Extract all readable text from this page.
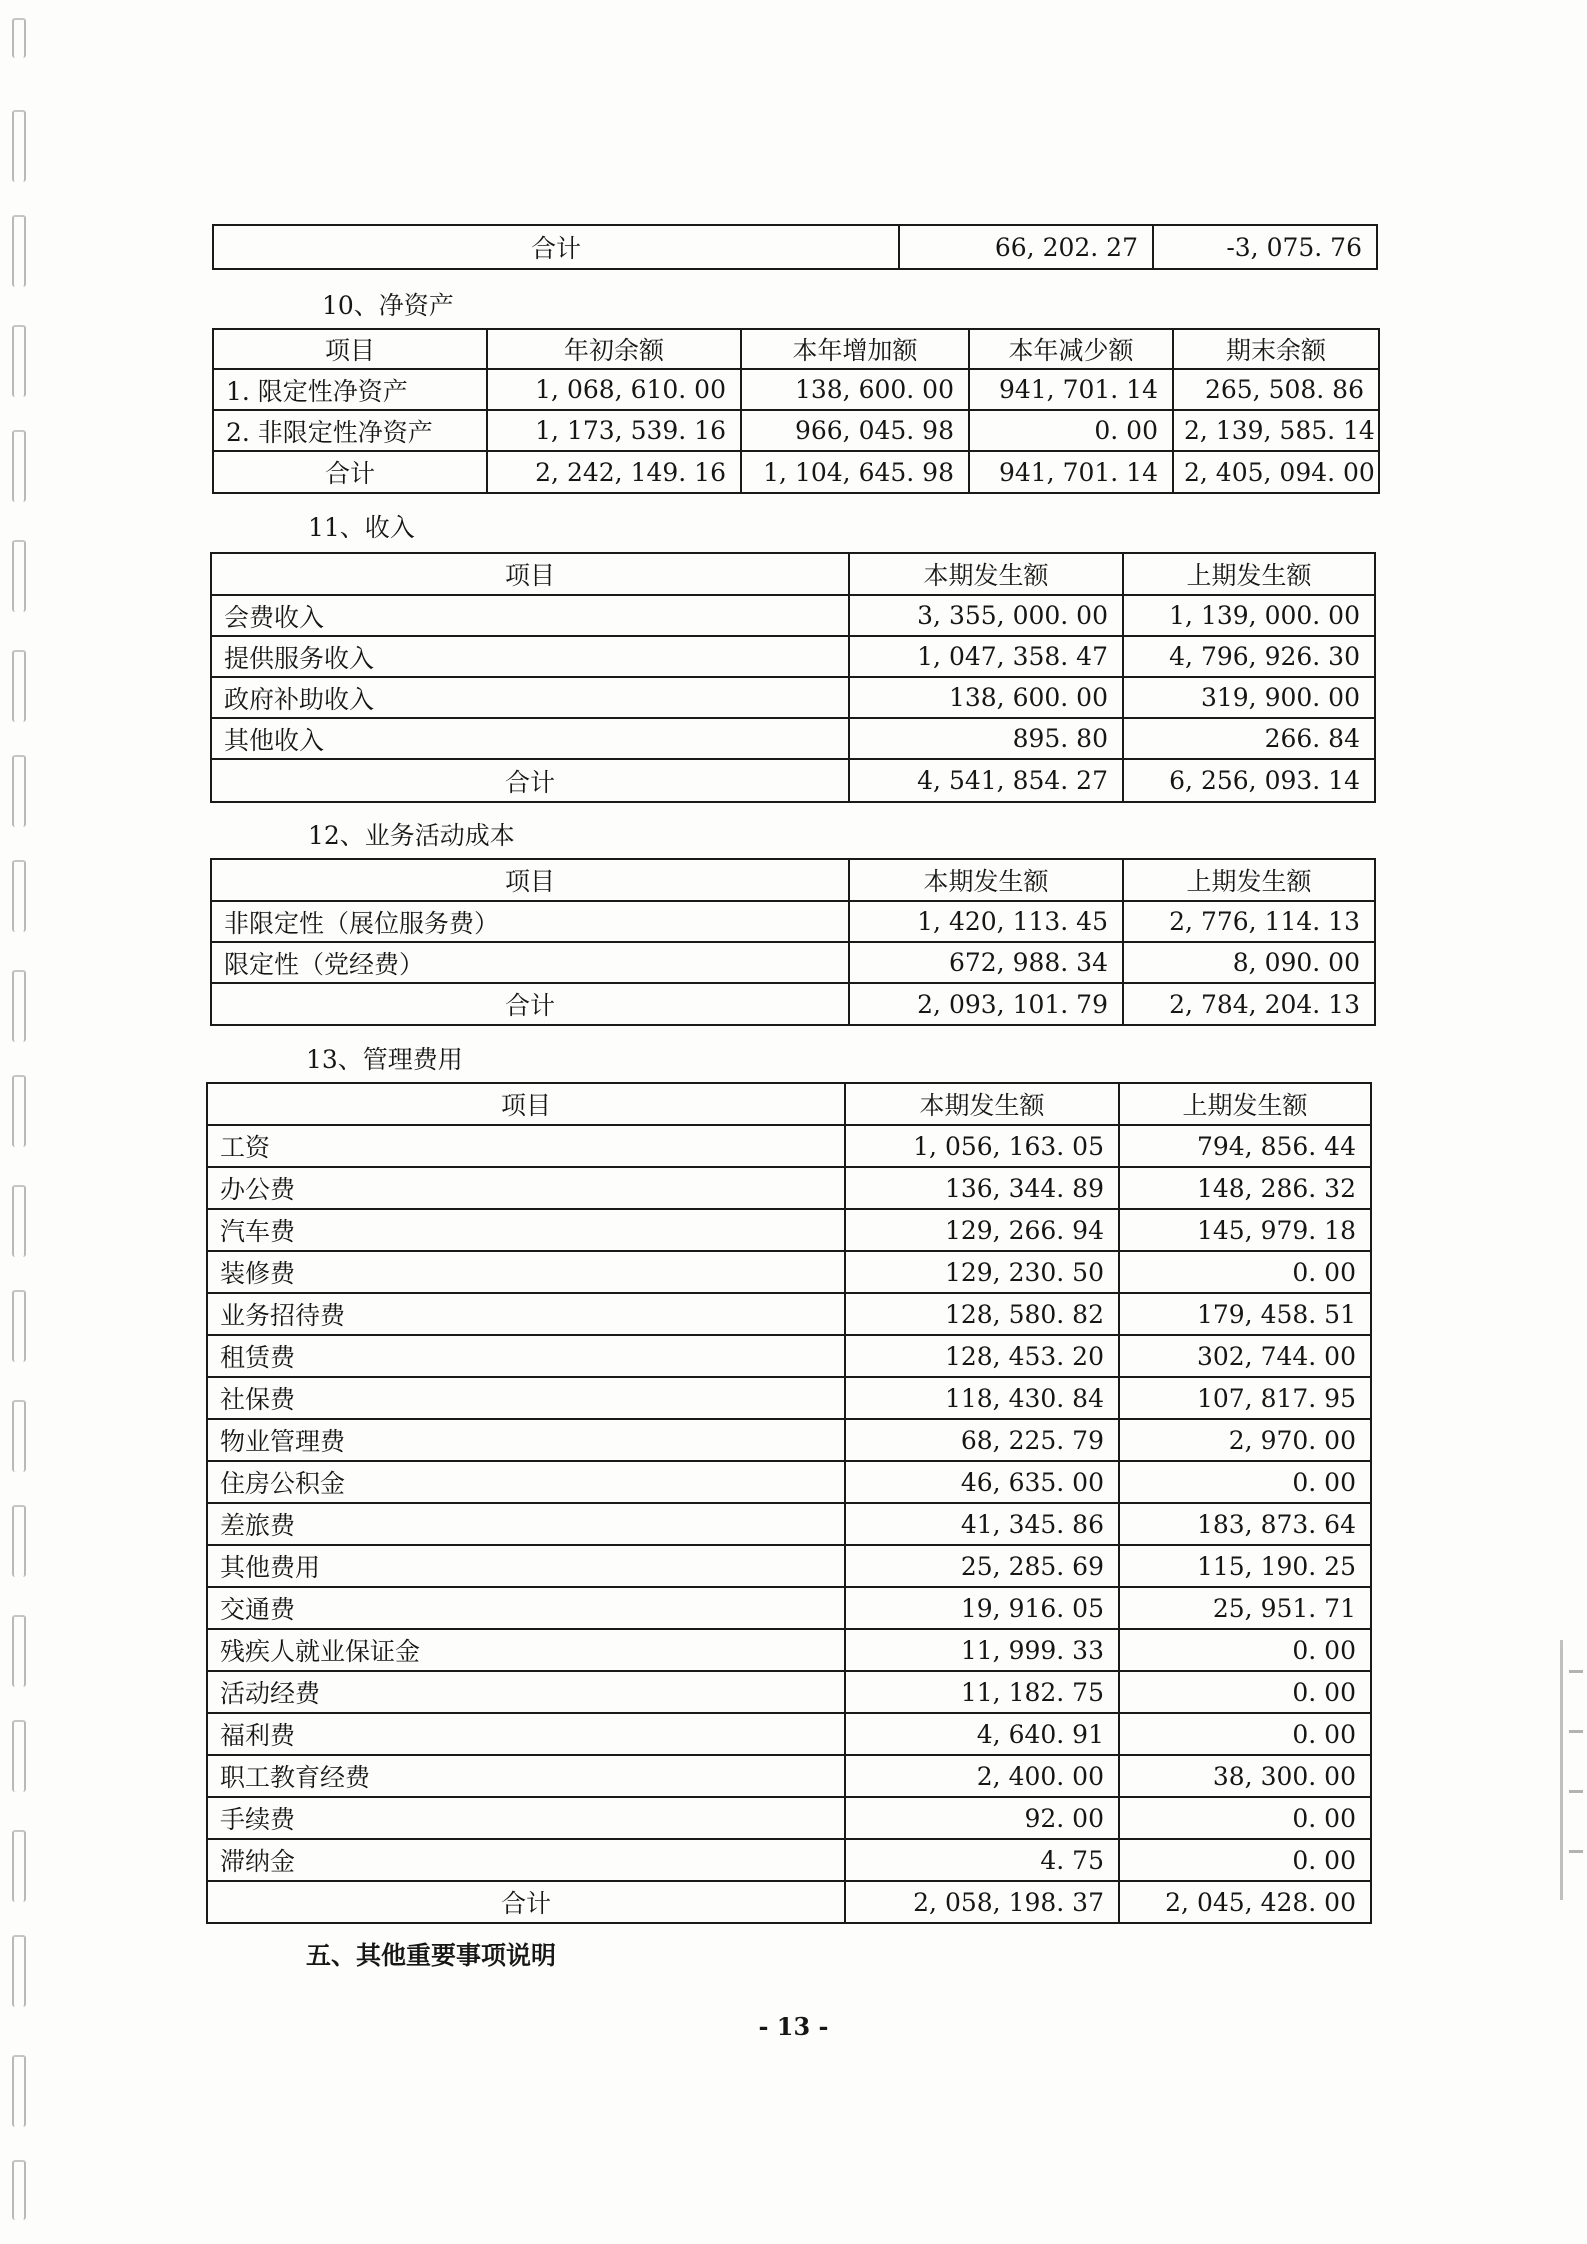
合计	66, 202. 27	-3, 075. 76
10、净资产
项目	年初余额	本年增加额	本年减少额	期末余额
1. 限定性净资产	1, 068, 610. 00	138, 600. 00	941, 701. 14	265, 508. 86
2. 非限定性净资产	1, 173, 539. 16	966, 045. 98	0. 00	2, 139, 585. 14
合计	2, 242, 149. 16	1, 104, 645. 98	941, 701. 14	2, 405, 094. 00
11、收入
项目	本期发生额	上期发生额
会费收入	3, 355, 000. 00	1, 139, 000. 00
提供服务收入	1, 047, 358. 47	4, 796, 926. 30
政府补助收入	138, 600. 00	319, 900. 00
其他收入	895. 80	266. 84
合计	4, 541, 854. 27	6, 256, 093. 14
12、业务活动成本
项目	本期发生额	上期发生额
非限定性（展位服务费）	1, 420, 113. 45	2, 776, 114. 13
限定性（党经费）	672, 988. 34	8, 090. 00
合计	2, 093, 101. 79	2, 784, 204. 13
13、管理费用
项目	本期发生额	上期发生额
工资	1, 056, 163. 05	794, 856. 44
办公费	136, 344. 89	148, 286. 32
汽车费	129, 266. 94	145, 979. 18
装修费	129, 230. 50	0. 00
业务招待费	128, 580. 82	179, 458. 51
租赁费	128, 453. 20	302, 744. 00
社保费	118, 430. 84	107, 817. 95
物业管理费	68, 225. 79	2, 970. 00
住房公积金	46, 635. 00	0. 00
差旅费	41, 345. 86	183, 873. 64
其他费用	25, 285. 69	115, 190. 25
交通费	19, 916. 05	25, 951. 71
残疾人就业保证金	11, 999. 33	0. 00
活动经费	11, 182. 75	0. 00
福利费	4, 640. 91	0. 00
职工教育经费	2, 400. 00	38, 300. 00
手续费	92. 00	0. 00
滞纳金	4. 75	0. 00
合计	2, 058, 198. 37	2, 045, 428. 00
五、其他重要事项说明
- 13 -
